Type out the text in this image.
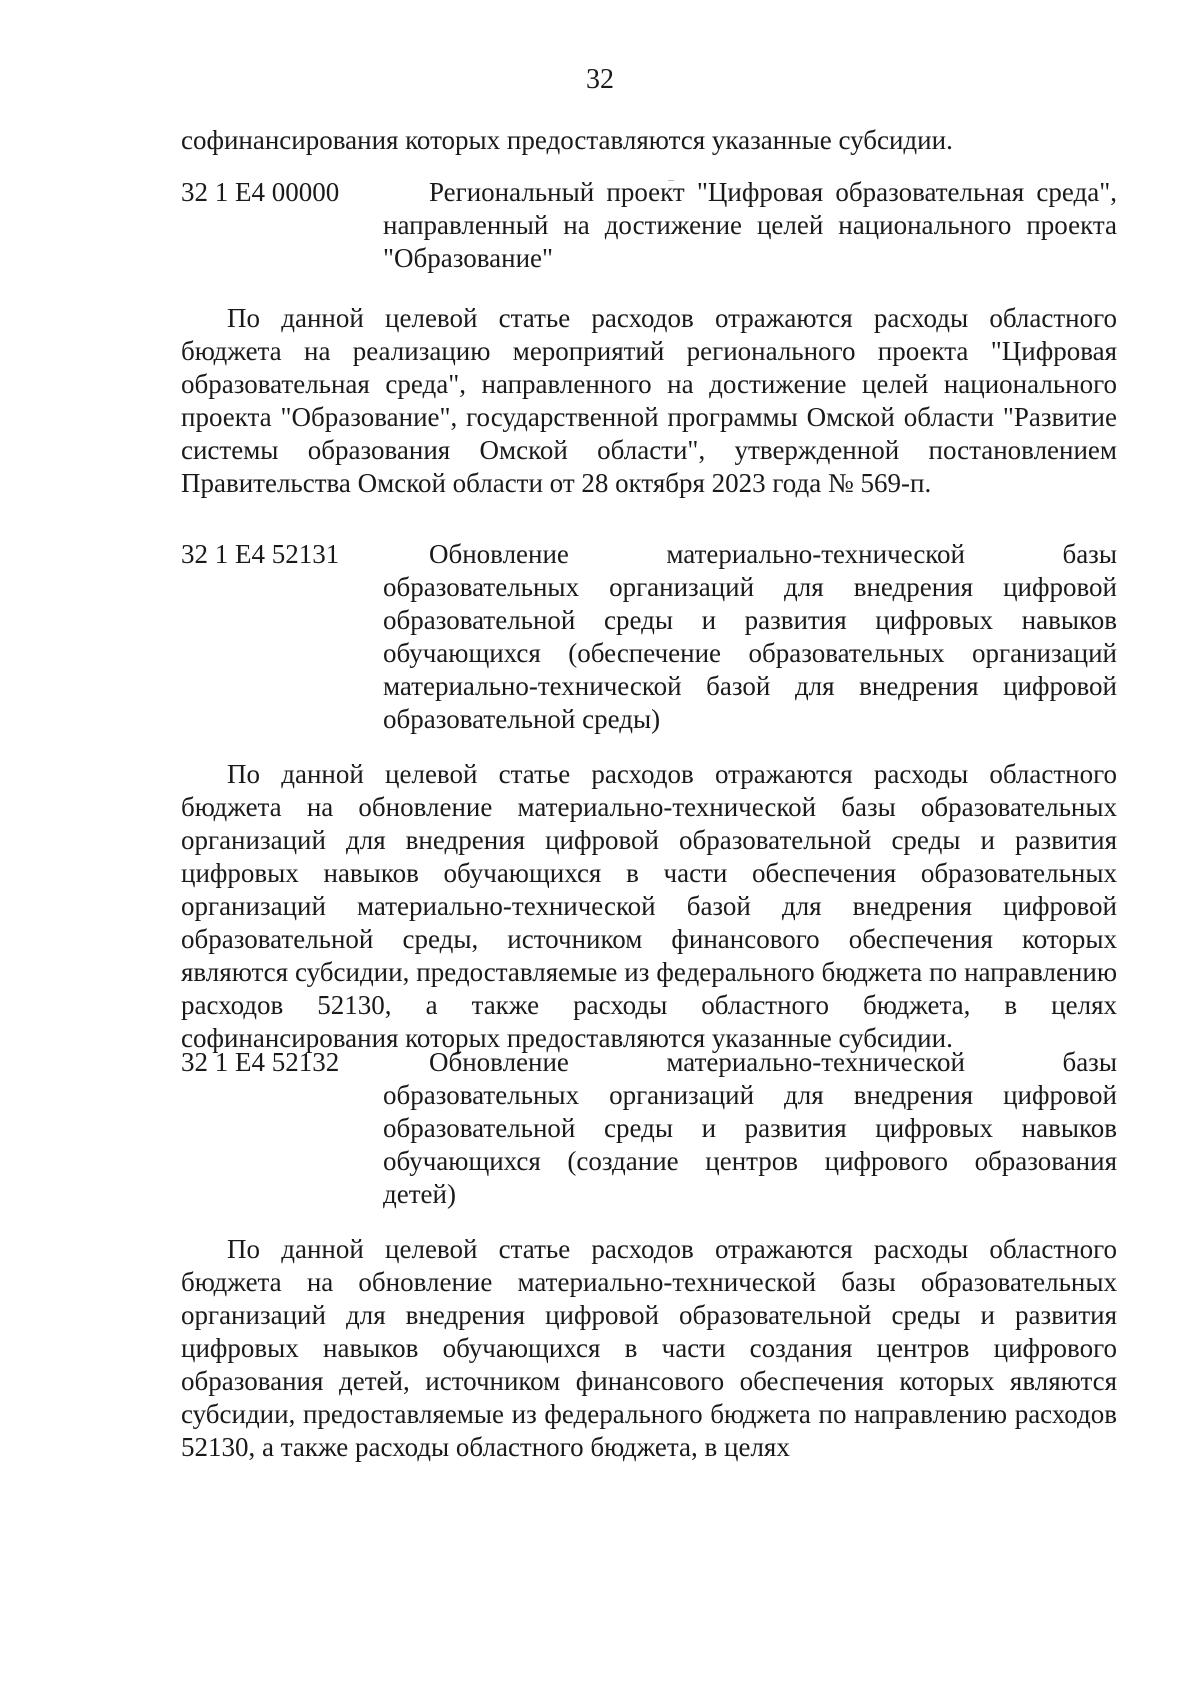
32

софинансирования которых предоставляются указанные субсидии.

32 1 E4 00000	Региональный проект "Цифровая образовательная среда", направленный на достижение целей национального проекта "Образование"

По данной целевой статье расходов отражаются расходы областного бюджета на реализацию мероприятий регионального проекта "Цифровая образовательная среда", направленного на достижение целей национального проекта "Образование", государственной программы Омской области "Развитие системы образования Омской области", утвержденной постановлением Правительства Омской области от 28 октября 2023 года № 569-п.

32 1 E4 52131	Обновление материально-технической базы образовательных организаций для внедрения цифровой образовательной среды и развития цифровых навыков обучающихся (обеспечение образовательных организаций материально-технической базой для внедрения цифровой образовательной среды)

По данной целевой статье расходов отражаются расходы областного бюджета на обновление материально-технической базы образовательных организаций для внедрения цифровой образовательной среды и развития цифровых навыков обучающихся в части обеспечения образовательных организаций материально-технической базой для внедрения цифровой образовательной среды, источником финансового обеспечения которых являются субсидии, предоставляемые из федерального бюджета по направлению расходов 52130, а также расходы областного бюджета, в целях софинансирования которых предоставляются указанные субсидии.

32 1 E4 52132	Обновление материально-технической базы образовательных организаций для внедрения цифровой образовательной среды и развития цифровых навыков обучающихся (создание центров цифрового образования детей)

По данной целевой статье расходов отражаются расходы областного бюджета на обновление материально-технической базы образовательных организаций для внедрения цифровой образовательной среды и развития цифровых навыков обучающихся в части создания центров цифрового образования детей, источником финансового обеспечения которых являются субсидии, предоставляемые из федерального бюджета по направлению расходов 52130, а также расходы областного бюджета, в целях
